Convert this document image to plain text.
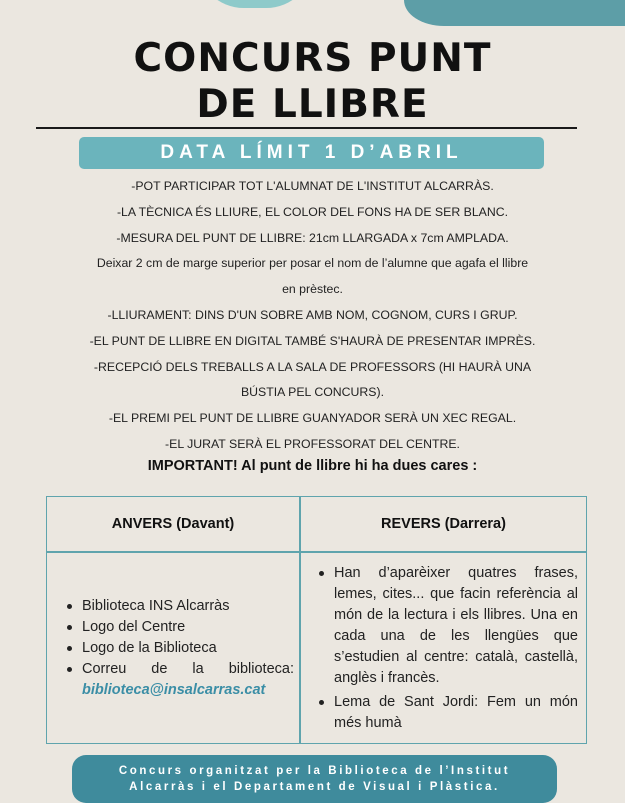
CONCURS PUNT
DE LLIBRE
DATA LÍMIT 1 D’ABRIL
-POT PARTICIPAR TOT L'ALUMNAT DE L'INSTITUT ALCARRÀS.
-LA TÈCNICA ÉS LLIURE, EL COLOR DEL FONS HA DE SER BLANC.
-MESURA DEL PUNT DE LLIBRE: 21cm LLARGADA x 7cm AMPLADA.
Deixar 2 cm de marge superior per posar el nom de l’alumne que agafa el llibre
en prèstec.
-LLIURAMENT: DINS D'UN SOBRE AMB NOM, COGNOM, CURS I GRUP.
-EL PUNT DE LLIBRE EN DIGITAL TAMBÉ S'HAURÀ DE PRESENTAR IMPRÈS.
-RECEPCIÓ DELS TREBALLS A LA SALA DE PROFESSORS (HI HAURÀ UNA
BÚSTIA PEL CONCURS).
-EL PREMI PEL PUNT DE LLIBRE GUANYADOR SERÀ UN XEC REGAL.
-EL JURAT SERÀ EL PROFESSORAT DEL CENTRE.
IMPORTANT! Al punt de llibre hi ha dues cares :
ANVERS (Davant)	REVERS (Darrera)
Biblioteca INS Alcarràs
Logo del Centre
Logo de la Biblioteca
Correu de la biblioteca:
biblioteca@insalcarras.cat
Han d’aparèixer quatres frases, lemes, cites... que facin referència al món de la lectura i els llibres. Una en cada una de les llengües que s’estudien al centre: català, castellà, anglès i francès.
Lema de Sant Jordi: Fem un món més humà
Concurs organitzat per la Biblioteca de l’Institut
Alcarràs i el Departament de Visual i Plàstica.
